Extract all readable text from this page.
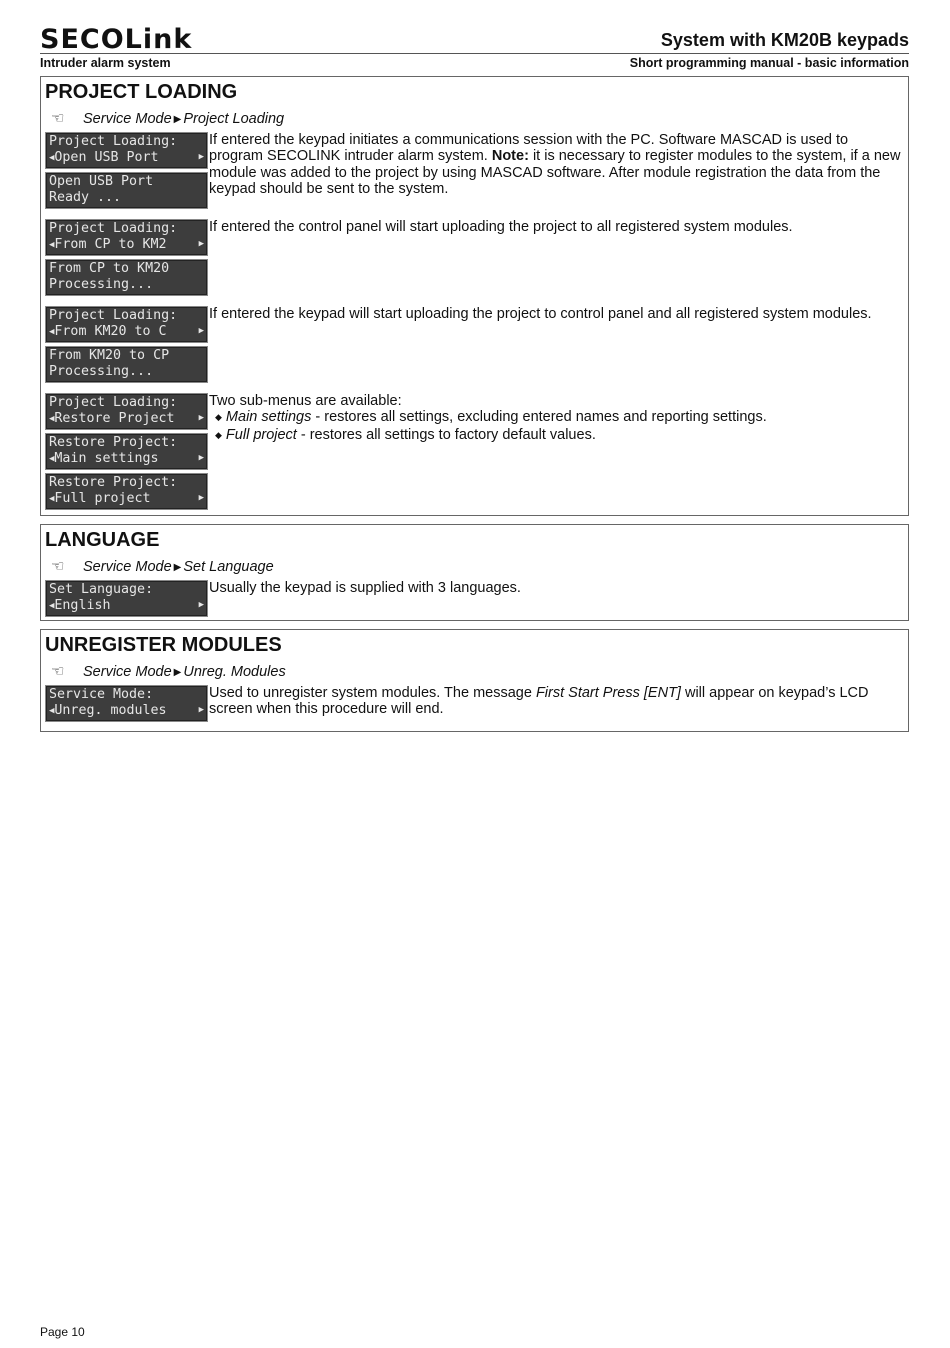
SECOLink	System with KM20B keypads
Intruder alarm system	Short programming manual - basic information
PROJECT LOADING
☜ Service Mode ▶ Project Loading
Project Loading:
◀Open USB Port	▶
Open USB Port
Ready ...
If entered the keypad initiates a communications session with the PC. Software MASCAD is used to program SECOLINK intruder alarm system. Note: it is necessary to register modules to the system, if a new module was added to the project by using MASCAD software. After module registration the data from the keypad should be sent to the system.
Project Loading:
◀From CP to KM2	▶
From CP to KM20
Processing...
If entered the control panel will start uploading the project to all registered system modules.
Project Loading:
◀From KM20 to C	▶
From KM20 to CP
Processing...
If entered the keypad will start uploading the project to control panel and all registered system modules.
Project Loading:
◀Restore Project	▶
Restore Project:
◀Main settings	▶
Restore Project:
◀Full project	▶
Two sub-menus are available:
◆ Main settings - restores all settings, excluding entered names and reporting settings.
◆ Full project - restores all settings to factory default values.
LANGUAGE
☜ Service Mode ▶ Set Language
Set Language:
◀English	▶
Usually the keypad is supplied with 3 languages.
UNREGISTER MODULES
☜ Service Mode ▶ Unreg. Modules
Service Mode:
◀Unreg. modules	▶
Used to unregister system modules. The message First Start Press [ENT] will appear on keypad’s LCD screen when this procedure will end.
Page 10
